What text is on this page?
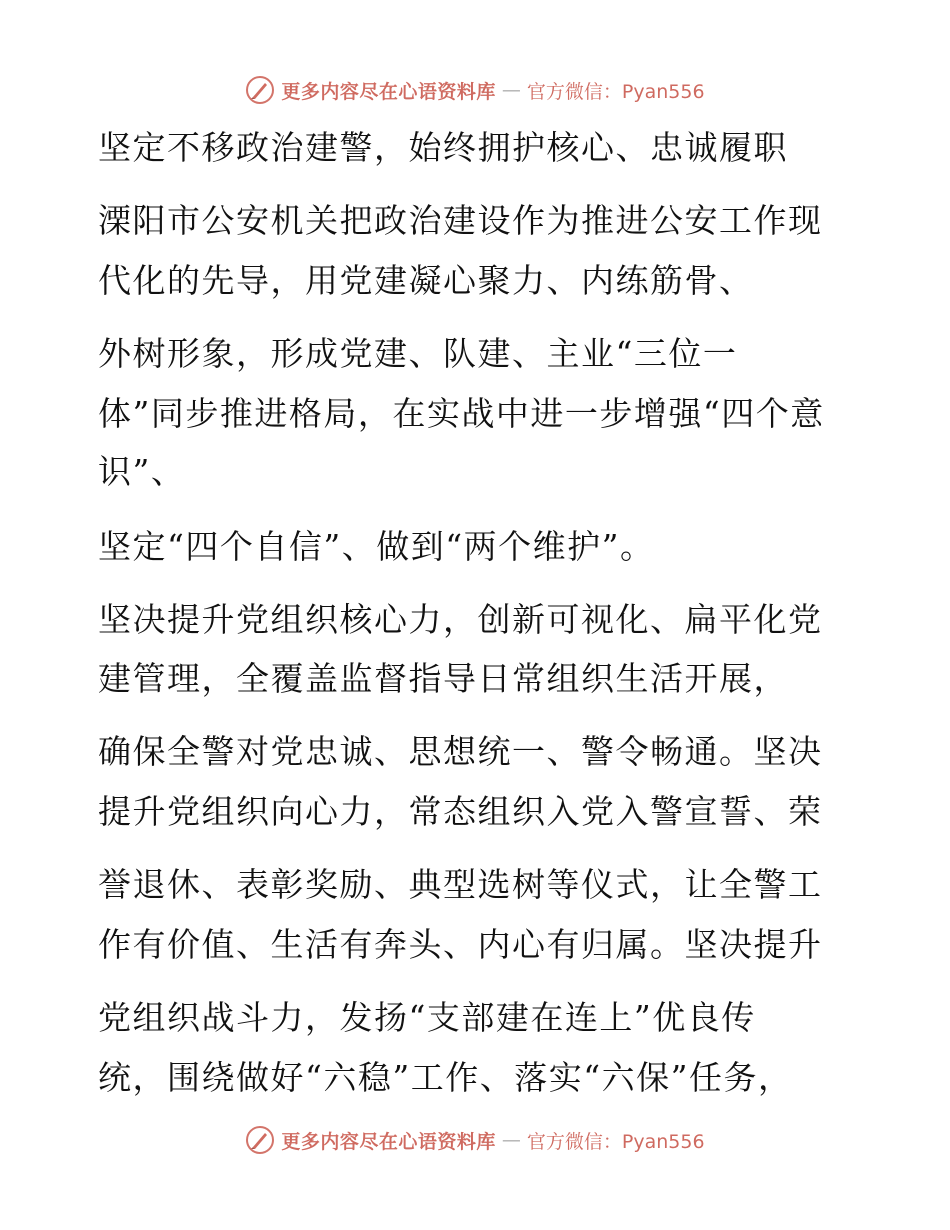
更多内容尽在心语资料库 — 官方微信：Pyan556
坚定不移政治建警，始终拥护核心、忠诚履职
溧阳市公安机关把政治建设作为推进公安工作现
代化的先导，用党建凝心聚力、内练筋骨、
外树形象，形成党建、队建、主业“三位一
体”同步推进格局，在实战中进一步增强“四个意
识”、
坚定“四个自信”、做到“两个维护”。
坚决提升党组织核心力，创新可视化、扁平化党
建管理，全覆盖监督指导日常组织生活开展，
确保全警对党忠诚、思想统一、警令畅通。坚决
提升党组织向心力，常态组织入党入警宣誓、荣
誉退休、表彰奖励、典型选树等仪式，让全警工
作有价值、生活有奔头、内心有归属。坚决提升
党组织战斗力，发扬“支部建在连上”优良传
统，围绕做好“六稳”工作、落实“六保”任务，
更多内容尽在心语资料库 — 官方微信：Pyan556
